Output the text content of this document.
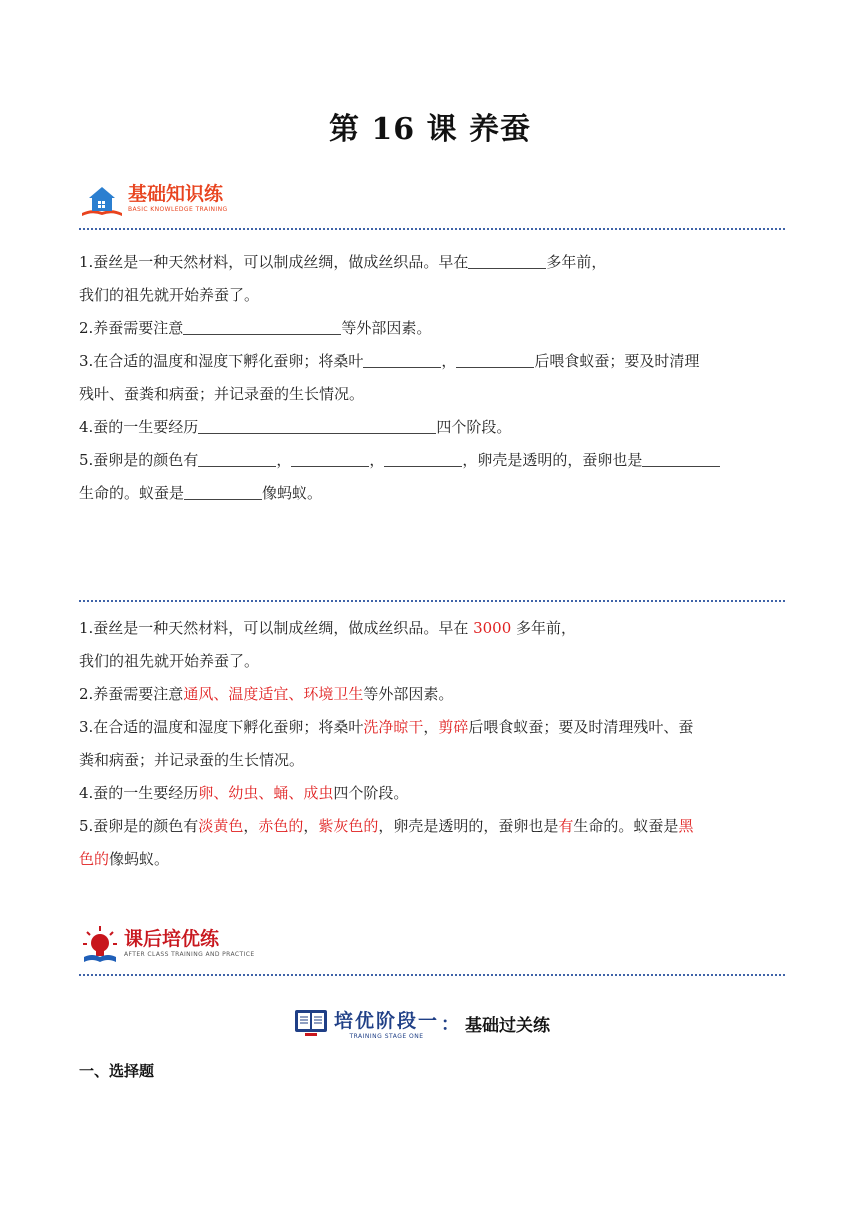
第 16 课 养蚕
基础知识练
BASIC KNOWLEDGE TRAINING

1.蚕丝是一种天然材料，可以制成丝绸，做成丝织品。早在	多年前，

我们的祖先就开始养蚕了。

2.养蚕需要注意	等外部因素。

3.在合适的温度和湿度下孵化蚕卵；将桑叶	，	后喂食蚁蚕；要及时清理

残叶、蚕粪和病蚕；并记录蚕的生长情况。

4.蚕的一生要经历	四个阶段。

5.蚕卵是的颜色有	，	，	，卵壳是透明的，蚕卵也是

生命的。蚁蚕是	像蚂蚁。

1.蚕丝是一种天然材料，可以制成丝绸，做成丝织品。早在 3000 多年前，

我们的祖先就开始养蚕了。

2.养蚕需要注意通风、温度适宜、环境卫生等外部因素。

3.在合适的温度和湿度下孵化蚕卵；将桑叶洗净晾干，剪碎后喂食蚁蚕；要及时清理残叶、蚕

粪和病蚕；并记录蚕的生长情况。

4.蚕的一生要经历卵、幼虫、蛹、成虫四个阶段。

5.蚕卵是的颜色有淡黄色，赤色的，紫灰色的，卵壳是透明的，蚕卵也是有生命的。蚁蚕是黑

色的像蚂蚁。

课后培优练
AFTER CLASS TRAINING AND PRACTICE
培优阶段一
TRAINING STAGE ONE
： 基础过关练
一、选择题
